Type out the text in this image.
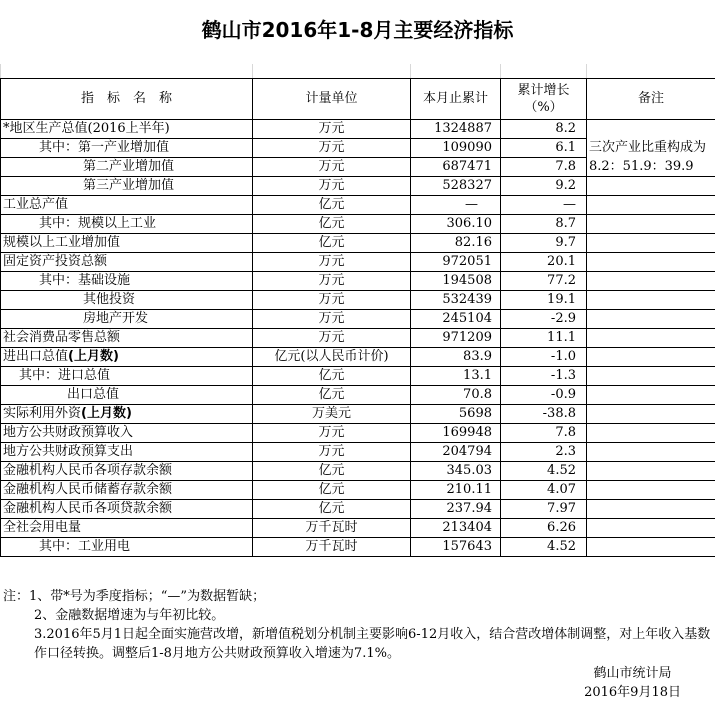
鹤山市2016年1-8月主要经济指标

指　标　名　称	计量单位	本月止累计	累计增长（%）	备注
*地区生产总值(2016上半年)	万元	1324887	8.2	
其中：第一产业增加值	万元	109090	6.1	三次产业比重构成为
第二产业增加值	万元	687471	7.8	8.2：51.9：39.9
第三产业增加值	万元	528327	9.2	
工业总产值	亿元	—	—	
其中：规模以上工业	亿元	306.10	8.7	
规模以上工业增加值	亿元	82.16	9.7	
固定资产投资总额	万元	972051	20.1	
其中：基础设施	万元	194508	77.2	
其他投资	万元	532439	19.1	
房地产开发	万元	245104	-2.9	
社会消费品零售总额	万元	971209	11.1	
进出口总值(上月数)	亿元(以人民币计价)	83.9	-1.0	
其中：进口总值	亿元	13.1	-1.3	
出口总值	亿元	70.8	-0.9	
实际利用外资(上月数)	万美元	5698	-38.8	
地方公共财政预算收入	万元	169948	7.8	
地方公共财政预算支出	万元	204794	2.3	
金融机构人民币各项存款余额	亿元	345.03	4.52	
金融机构人民币储蓄存款余额	亿元	210.11	4.07	
金融机构人民币各项贷款余额	亿元	237.94	7.97	
全社会用电量	万千瓦时	213404	6.26	
其中：工业用电	万千瓦时	157643	4.52	
注：1、带*号为季度指标；“—”为数据暂缺；
2、金融数据增速为与年初比较。
3.2016年5月1日起全面实施营改增，新增值税划分机制主要影响6-12月收入，结合营改增体制调整，对上年收入基数作口径转换。调整后1-8月地方公共财政预算收入增速为7.1%。
鹤山市统计局
2016年9月18日
